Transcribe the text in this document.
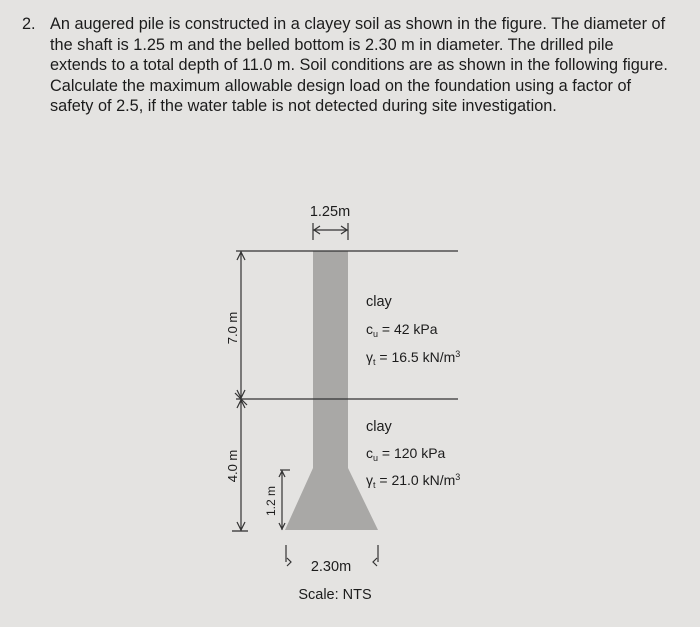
2. An augered pile is constructed in a clayey soil as shown in the figure. The diameter of the shaft is 1.25 m and the belled bottom is 2.30 m in diameter. The drilled pile extends to a total depth of 11.0 m. Soil conditions are as shown in the following figure. Calculate the maximum allowable design load on the foundation using a factor of safety of 2.5, if the water table is not detected during site investigation.
7.0 m
4.0 m
1.2 m
1.25m
2.30m
Scale: NTS
clay
$c_u = 42$ kPa
$\gamma_t = 16.5$ $kN/m^3$
clay
$c_u = 120$ kPa
$\gamma_t = 21.0$ $kN/m^3$
